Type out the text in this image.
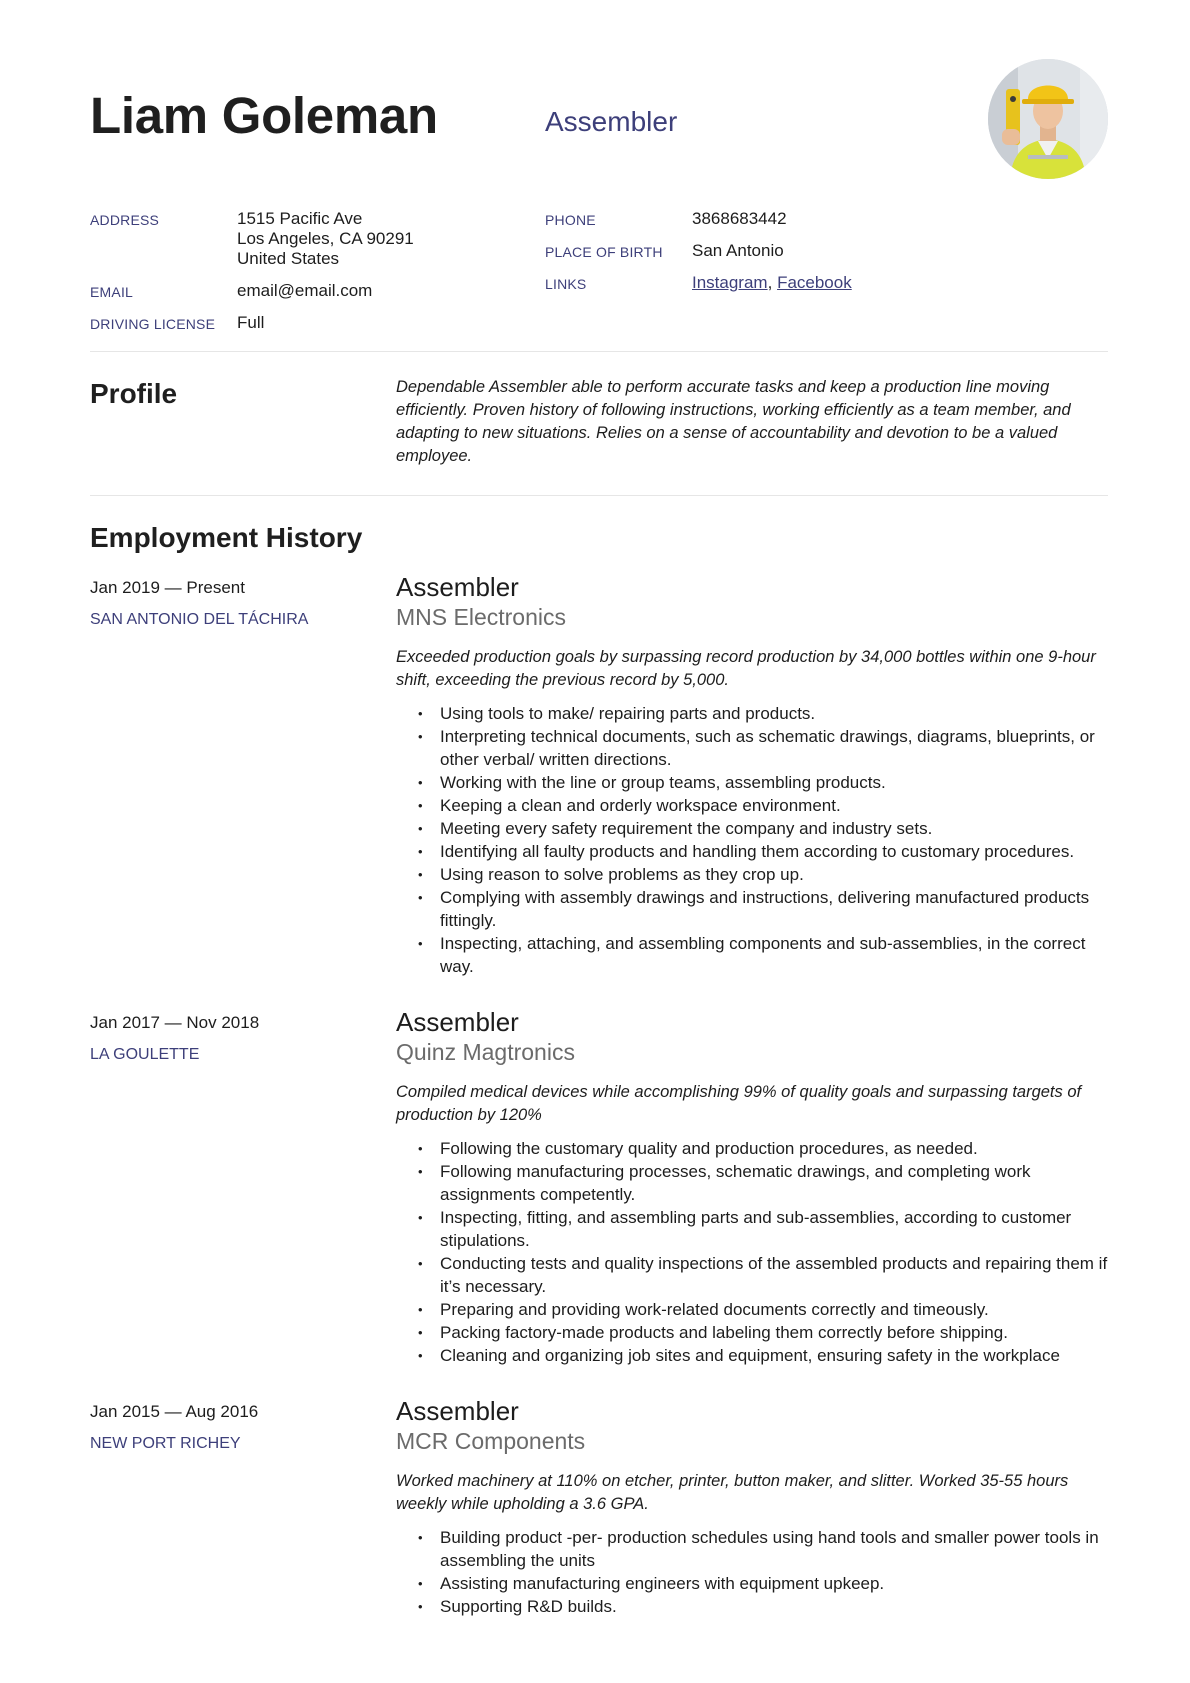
Liam Goleman	Assembler
ADDRESS	1515 Pacific Ave
Los Angeles, CA 90291
United States
EMAIL	email@email.com
DRIVING LICENSE Full
PHONE	3868683442
PLACE OF BIRTH San Antonio
LINKS	Instagram, Facebook
Profile	Dependable Assembler able to perform accurate tasks and keep a production line moving efficiently. Proven history of following instructions, working efficiently as a team member, and adapting to new situations. Relies on a sense of accountability and devotion to be a valued employee.

Employment History
Jan 2019 — Present
SAN ANTONIO DEL TÁCHIRA
Assembler
MNS Electronics

Exceeded production goals by surpassing record production by 34,000 bottles within one 9-hour shift, exceeding the previous record by 5,000.

• Using tools to make/ repairing parts and products.
• Interpreting technical documents, such as schematic drawings, diagrams, blueprints, or other verbal/ written directions.
• Working with the line or group teams, assembling products.
• Keeping a clean and orderly workspace environment.
• Meeting every safety requirement the company and industry sets.
• Identifying all faulty products and handling them according to customary procedures.
• Using reason to solve problems as they crop up.
• Complying with assembly drawings and instructions, delivering manufactured products fittingly.
• Inspecting, attaching, and assembling components and sub-assemblies, in the correct way.
Jan 2017 — Nov 2018
LA GOULETTE
Assembler
Quinz Magtronics

Compiled medical devices while accomplishing 99% of quality goals and surpassing targets of production by 120%

• Following the customary quality and production procedures, as needed.
• Following manufacturing processes, schematic drawings, and completing work assignments competently.
• Inspecting, fitting, and assembling parts and sub-assemblies, according to customer stipulations.
• Conducting tests and quality inspections of the assembled products and repairing them if it’s necessary.
• Preparing and providing work-related documents correctly and timeously.
• Packing factory-made products and labeling them correctly before shipping.
• Cleaning and organizing job sites and equipment, ensuring safety in the workplace
Jan 2015 — Aug 2016
NEW PORT RICHEY
Assembler
MCR Components

Worked machinery at 110% on etcher, printer, button maker, and slitter. Worked 35-55 hours weekly while upholding a 3.6 GPA.

• Building product -per- production schedules using hand tools and smaller power tools in assembling the units
• Assisting manufacturing engineers with equipment upkeep.
• Supporting R&D builds.
